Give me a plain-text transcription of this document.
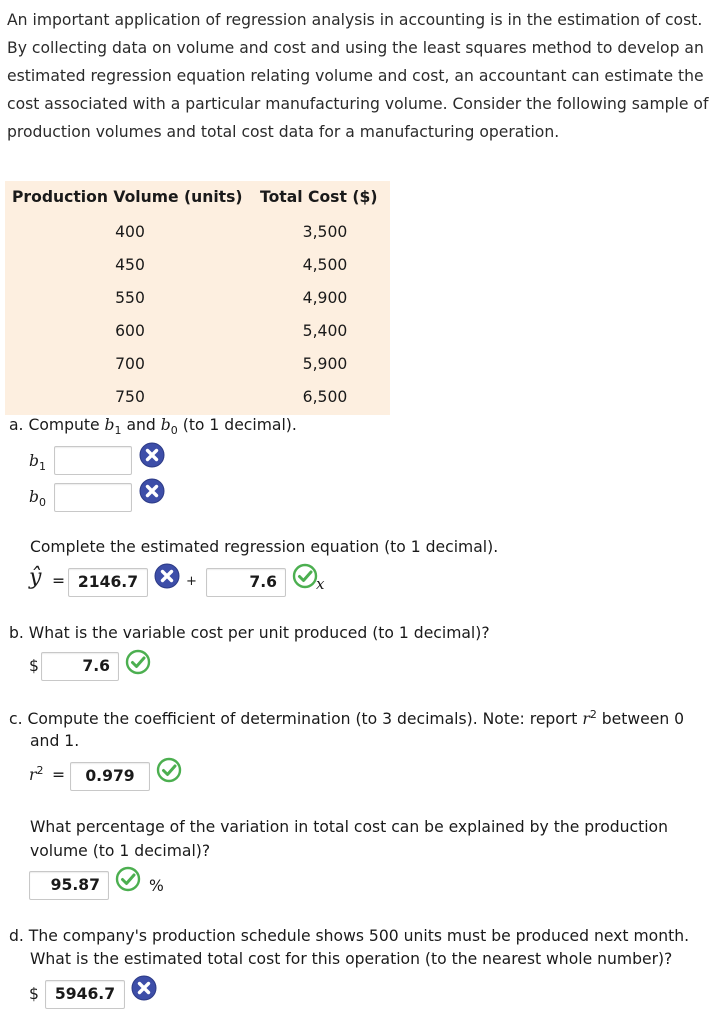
An important application of regression analysis in accounting is in the estimation of cost. By collecting data on volume and cost and using the least squares method to develop an estimated regression equation relating volume and cost, an accountant can estimate the cost associated with a particular manufacturing volume. Consider the following sample of production volumes and total cost data for a manufacturing operation.
Production Volume (units) Total Cost ($)
400	3,500
450	4,500
550	4,900
600	5,400
700	5,900
750	6,500
a. Compute $b_1$ and $b_0$ (to 1 decimal).
$b_1$
$b_0$
Complete the estimated regression equation (to 1 decimal).
ŷ = 2146.7	+	7.6	x
b. What is the variable cost per unit produced (to 1 decimal)?
$	7.6
c. Compute the coefficient of determination (to 3 decimals). Note: report $r^2$ between 0
and 1.
$r^2$ =	0.979
What percentage of the variation in total cost can be explained by the production
volume (to 1 decimal)?
95.87	%
d. The company's production schedule shows 500 units must be produced next month.
What is the estimated total cost for this operation (to the nearest whole number)?
$	5946.7
